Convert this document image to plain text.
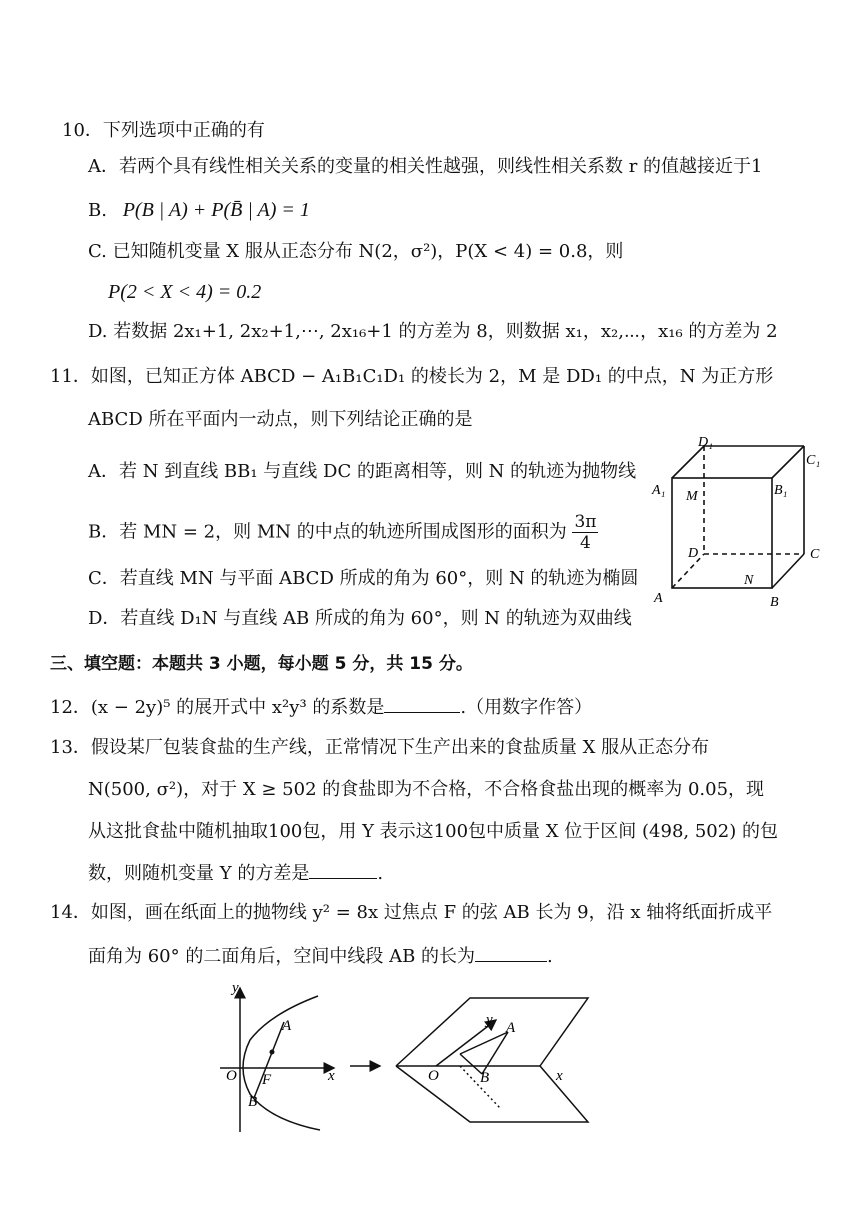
10．下列选项中正确的有
A．若两个具有线性相关关系的变量的相关性越强，则线性相关系数 r 的值越接近于1
B. P(B | A) + P(B̄ | A) = 1
C. 已知随机变量 X 服从正态分布 N(2，σ²)，P(X < 4) = 0.8，则
P(2 < X < 4) = 0.2
D. 若数据 2x₁+1, 2x₂+1,⋯, 2x₁₆+1 的方差为 8，则数据 x₁，x₂,⋯，x₁₆ 的方差为 2
11．如图，已知正方体 ABCD − A₁B₁C₁D₁ 的棱长为 2，M 是 DD₁ 的中点，N 为正方形
ABCD 所在平面内一动点，则下列结论正确的是
A．若 N 到直线 BB₁ 与直线 DC 的距离相等，则 N 的轨迹为抛物线
B．若 MN = 2，则 MN 的中点的轨迹所围成图形的面积为 $\frac{3\pi}{4}$
C．若直线 MN 与平面 ABCD 所成的角为 60°，则 N 的轨迹为椭圆
D．若直线 D₁N 与直线 AB 所成的角为 60°，则 N 的轨迹为双曲线
D₁
C₁
A₁	B₁
M
D	C
A
N
B
三、填空题：本题共 3 小题，每小题 5 分，共 15 分。
12．(x − 2y)⁵ 的展开式中 x²y³ 的系数是	.（用数字作答）
13．假设某厂包装食盐的生产线，正常情况下生产出来的食盐质量 X 服从正态分布
N(500, σ²)，对于 X ≥ 502 的食盐即为不合格，不合格食盐出现的概率为 0.05，现
从这批食盐中随机抽取100包，用 Y 表示这100包中质量 X 位于区间 (498, 502) 的包
数，则随机变量 Y 的方差是	.
14．如图，画在纸面上的抛物线 y² = 8x 过焦点 F 的弦 AB 长为 9，沿 x 轴将纸面折成平
面角为 60° 的二面角后，空间中线段 AB 的长为	.
y
O F
A
B
x	O
y A
B	x
